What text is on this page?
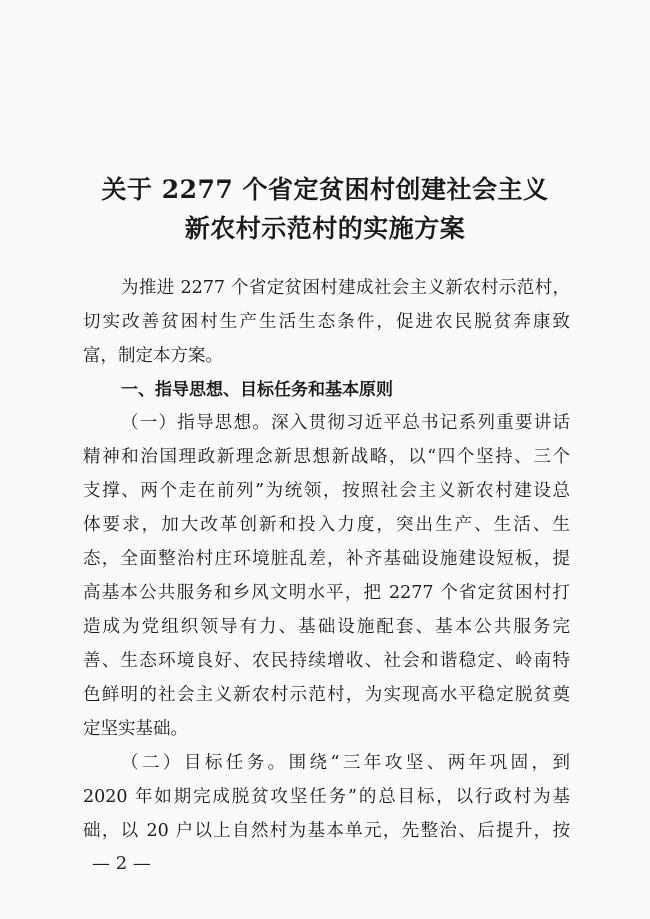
关于 2277 个省定贫困村创建社会主义
新农村示范村的实施方案
为推进 2277 个省定贫困村建成社会主义新农村示范村，
切实改善贫困村生产生活生态条件，促进农民脱贫奔康致
富，制定本方案。
一、指导思想、目标任务和基本原则
（一）指导思想。深入贯彻习近平总书记系列重要讲话
精神和治国理政新理念新思想新战略，以“四个坚持、三个
支撑、两个走在前列”为统领，按照社会主义新农村建设总
体要求，加大改革创新和投入力度，突出生产、生活、生
态，全面整治村庄环境脏乱差，补齐基础设施建设短板，提
高基本公共服务和乡风文明水平，把 2277 个省定贫困村打
造成为党组织领导有力、基础设施配套、基本公共服务完
善、生态环境良好、农民持续增收、社会和谐稳定、岭南特
色鲜明的社会主义新农村示范村，为实现高水平稳定脱贫奠
定坚实基础。
（二）目标任务。围绕“三年攻坚、两年巩固，到
2020 年如期完成脱贫攻坚任务”的总目标，以行政村为基
础，以 20 户以上自然村为基本单元，先整治、后提升，按
— 2 —
